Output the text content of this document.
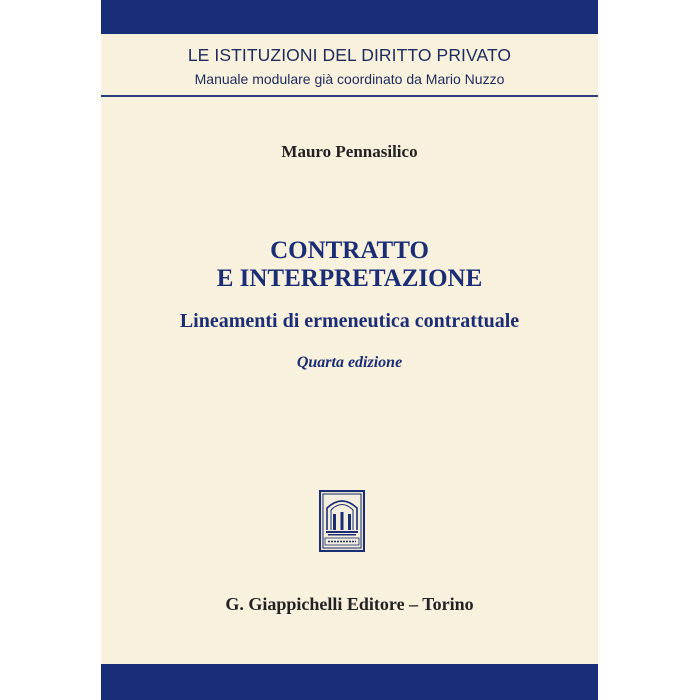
LE ISTITUZIONI DEL DIRITTO PRIVATO
Manuale modulare già coordinato da Mario Nuzzo
Mauro Pennasilico
CONTRATTO
E INTERPRETAZIONE
Lineamenti di ermeneutica contrattuale
Quarta edizione
G. Giappichelli Editore – Torino
